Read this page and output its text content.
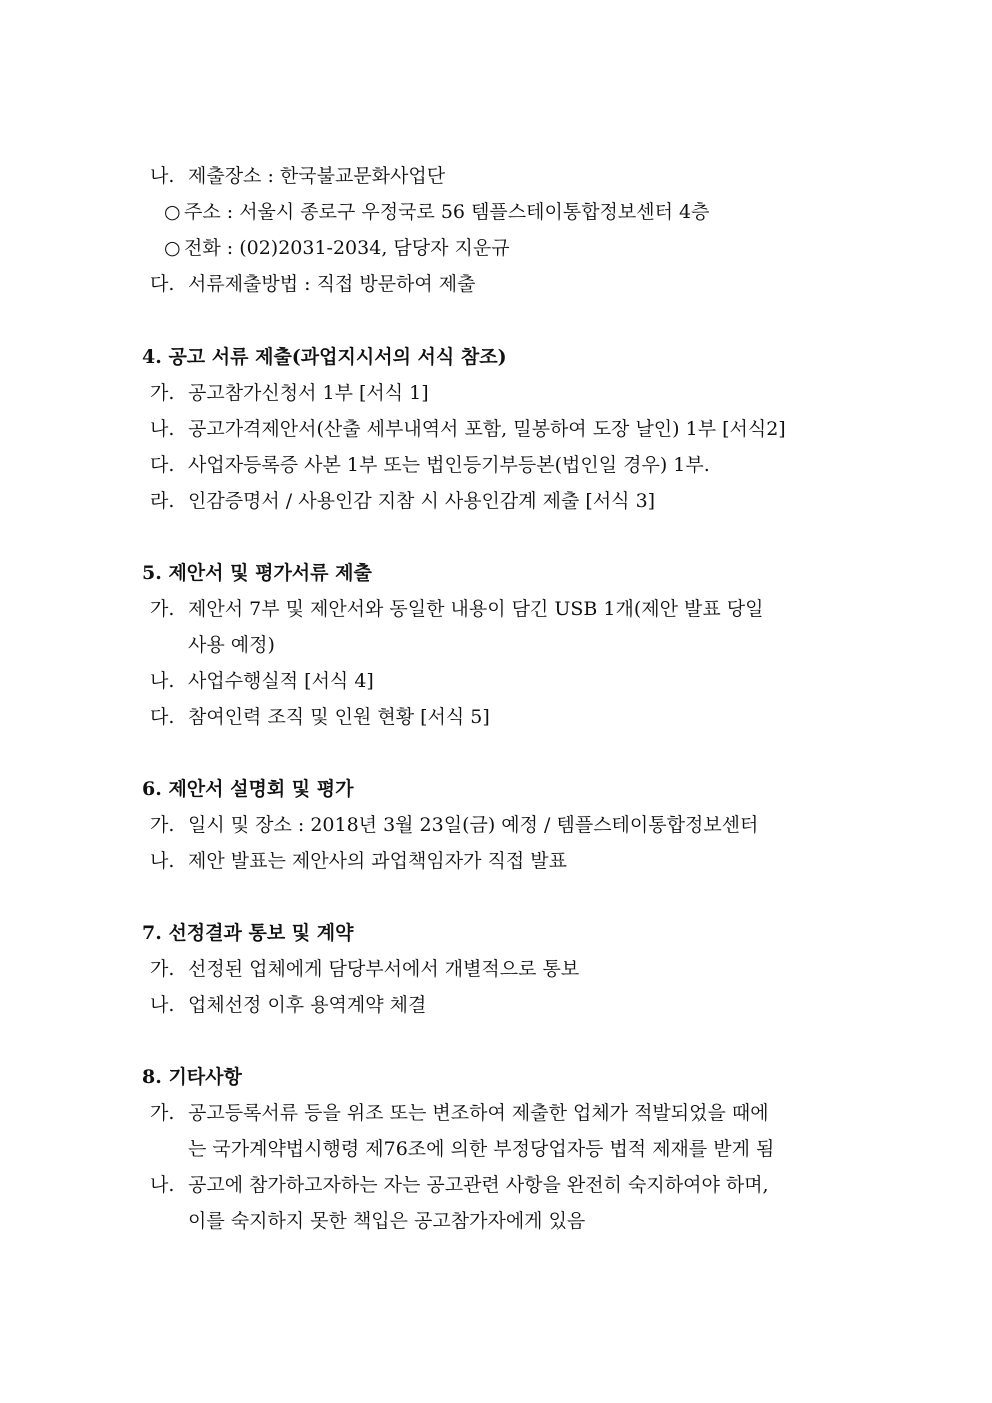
나. 제출장소 : 한국불교문화사업단
○ 주소 : 서울시 종로구 우정국로 56 템플스테이통합정보센터 4층
○ 전화 : (02)2031-2034, 담당자 지운규
다. 서류제출방법 : 직접 방문하여 제출
4. 공고 서류 제출(과업지시서의 서식 참조)
가. 공고참가신청서 1부 [서식 1]
나. 공고가격제안서(산출 세부내역서 포함, 밀봉하여 도장 날인) 1부 [서식2]
다. 사업자등록증 사본 1부 또는 법인등기부등본(법인일 경우) 1부.
라. 인감증명서 / 사용인감 지참 시 사용인감계 제출 [서식 3]
5. 제안서 및 평가서류 제출
가. 제안서 7부 및 제안서와 동일한 내용이 담긴 USB 1개(제안 발표 당일
사용 예정)
나. 사업수행실적 [서식 4]
다. 참여인력 조직 및 인원 현황 [서식 5]
6. 제안서 설명회 및 평가
가. 일시 및 장소 : 2018년 3월 23일(금) 예정 / 템플스테이통합정보센터
나. 제안 발표는 제안사의 과업책임자가 직접 발표
7. 선정결과 통보 및 계약
가. 선정된 업체에게 담당부서에서 개별적으로 통보
나. 업체선정 이후 용역계약 체결
8. 기타사항
가. 공고등록서류 등을 위조 또는 변조하여 제출한 업체가 적발되었을 때에
는 국가계약법시행령 제76조에 의한 부정당업자등 법적 제재를 받게 됨
나. 공고에 참가하고자하는 자는 공고관련 사항을 완전히 숙지하여야 하며,
이를 숙지하지 못한 책입은 공고참가자에게 있음
